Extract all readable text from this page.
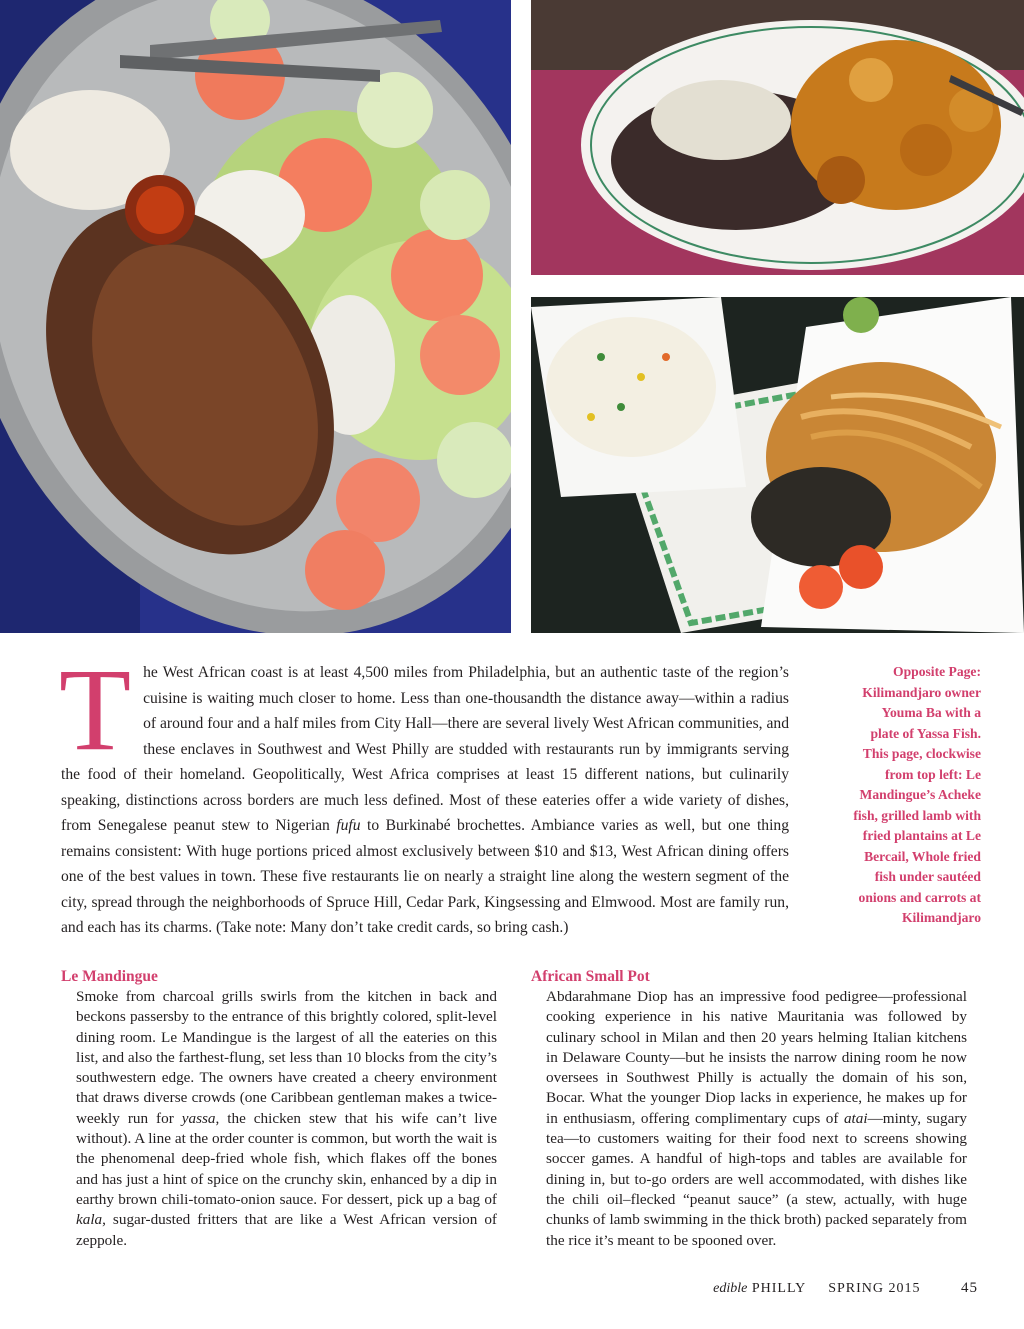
T he West African coast is at least 4,500 miles from Philadelphia, but an authentic taste of the region’s cuisine is waiting much closer to home. Less than one-thousandth the distance away—within a radius of around four and a half miles from City Hall—there are several lively West African communities, and these enclaves in Southwest and West Philly are studded with restaurants run by immigrants serving the food of their homeland. Geopolitically, West Africa comprises at least 15 different nations, but culinarily speaking, distinctions across borders are much less defined. Most of these eateries offer a wide variety of dishes, from Senegalese peanut stew to Nigerian fufu to Burkinabé brochettes. Ambiance varies as well, but one thing remains consistent: With huge portions priced almost exclusively between $10 and $13, West African dining offers one of the best values in town. These five restaurants lie on nearly a straight line along the western segment of the city, spread through the neighborhoods of Spruce Hill, Cedar Park, Kingsessing and Elmwood. Most are family run, and each has its charms. (Take note: Many don’t take credit cards, so bring cash.)
Opposite Page:
Kilimandjaro owner
Youma Ba with a
plate of Yassa Fish.
This page, clockwise
from top left: Le
Mandingue’s Acheke
fish, grilled lamb with
fried plantains at Le
Bercail, Whole fried
fish under sautéed
onions and carrots at
Kilimandjaro
Le Mandingue

Smoke from charcoal grills swirls from the kitchen in back and beckons passersby to the entrance of this brightly colored, split-level dining room. Le Mandingue is the largest of all the eateries on this list, and also the farthest-flung, set less than 10 blocks from the city’s southwestern edge. The owners have created a cheery environment that draws diverse crowds (one Caribbean gentleman makes a twice-weekly run for yassa, the chicken stew that his wife can’t live without). A line at the order counter is common, but worth the wait is the phenomenal deep-fried whole fish, which flakes off the bones and has just a hint of spice on the crunchy skin, enhanced by a dip in earthy brown chili-tomato-onion sauce. For dessert, pick up a bag of kala, sugar-dusted fritters that are like a West African version of zeppole.

African Small Pot

Abdarahmane Diop has an impressive food pedigree—professional cooking experience in his native Mauritania was followed by culinary school in Milan and then 20 years helming Italian kitchens in Delaware County—but he insists the narrow dining room he now oversees in Southwest Philly is actually the domain of his son, Bocar. What the younger Diop lacks in experience, he makes up for in enthusiasm, offering complimentary cups of atai—minty, sugary tea—to customers waiting for their food next to screens showing soccer games. A handful of high-tops and tables are available for dining in, but to-go orders are well accommodated, with dishes like the chili oil–flecked “peanut sauce” (a stew, actually, with huge chunks of lamb swimming in the thick broth) packed separately from the rice it’s meant to be spooned over.

edible PHILLY SPRING 2015	45
